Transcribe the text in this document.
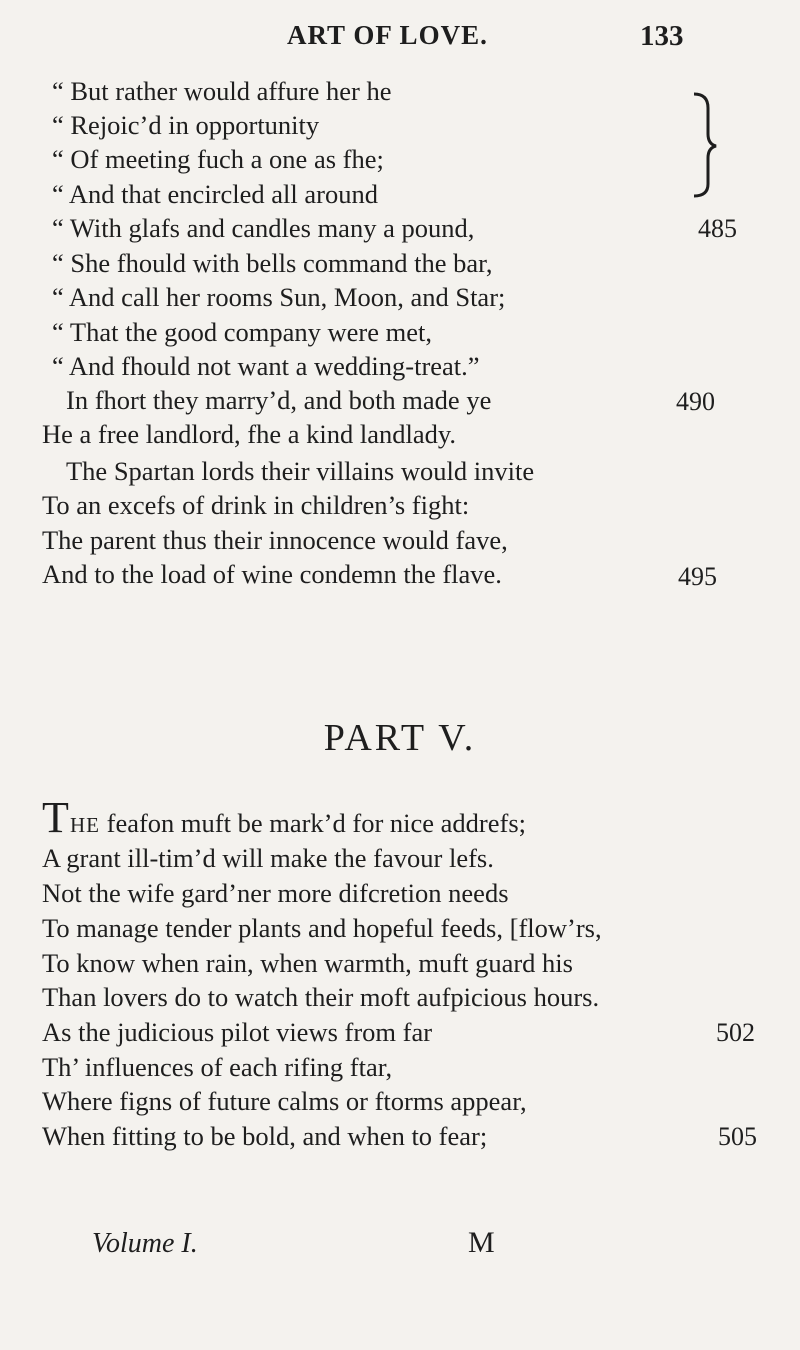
ART OF LOVE.	133
“ But rather would affure her he
“ Rejoic’d in opportunity
“ Of meeting fuch a one as fhe;
“ And that encircled all around
“ With glafs and candles many a pound,	485
“ She fhould with bells command the bar,
“ And call her rooms Sun, Moon, and Star;
“ That the good company were met,
“ And fhould not want a wedding-treat.”
In fhort they marry’d, and both made ye	490
He a free landlord, fhe a kind landlady.
The Spartan lords their villains would invite
To an excefs of drink in children’s fight:
The parent thus their innocence would fave,
And to the load of wine condemn the flave.	495
PART V.
T HE feafon muft be mark’d for nice addrefs;
A grant ill-tim’d will make the favour lefs.
Not the wife gard’ner more difcretion needs
To manage tender plants and hopeful feeds, [flow’rs,
To know when rain, when warmth, muft guard his
Than lovers do to watch their moft aufpicious hours.
As the judicious pilot views from far	502
Th’ influences of each rifing ftar,
Where figns of future calms or ftorms appear,
When fitting to be bold, and when to fear;	505
Volume I.	M
